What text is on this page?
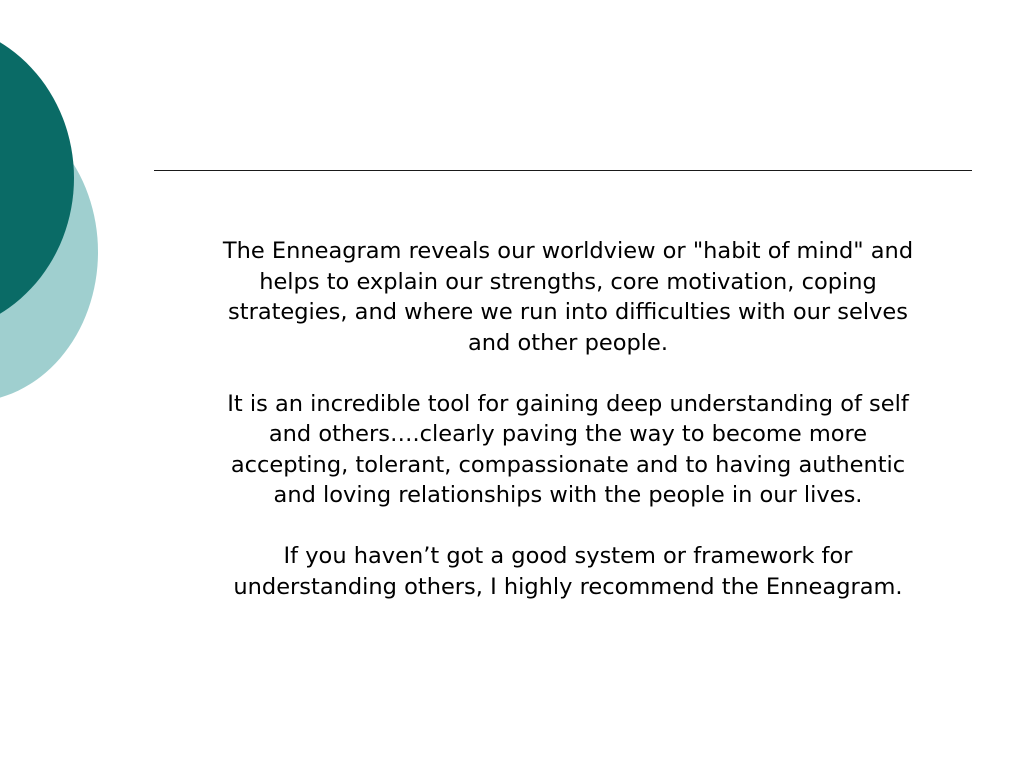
The Enneagram reveals our worldview or "habit of mind" and helps to explain our strengths, core motivation, coping strategies, and where we run into difficulties with our selves and other people.

It is an incredible tool for gaining deep understanding of self and others….clearly paving the way to become more accepting, tolerant, compassionate and to having authentic and loving relationships with the people in our lives.

If you haven’t got a good system or framework for understanding others, I highly recommend the Enneagram.
